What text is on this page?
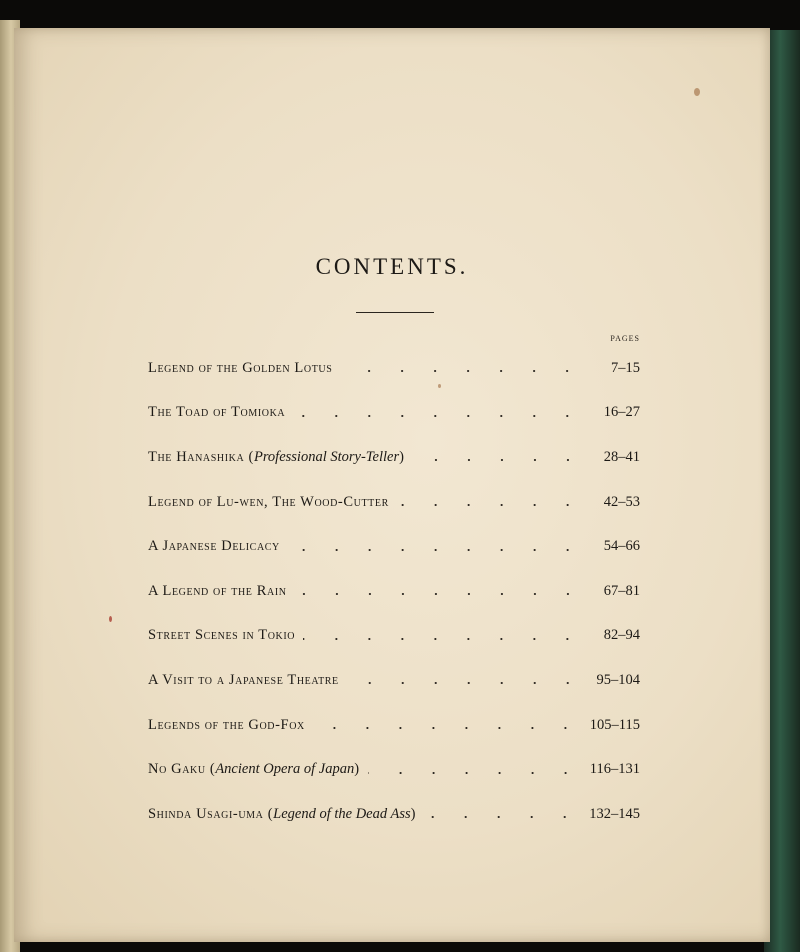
CONTENTS.
PAGES
Legend of the Golden Lotus	7–15
The Toad of Tomioka	16–27
The Hanashika (Professional Story-Teller)	28–41
Legend of Lu-wen, The Wood-Cutter	42–53
A Japanese Delicacy	54–66
A Legend of the Rain	67–81
Street Scenes in Tokio	82–94
A Visit to a Japanese Theatre	95–104
Legends of the God-Fox	105–115
No Gaku (Ancient Opera of Japan)	116–131
Shinda Usagi-uma (Legend of the Dead Ass)	132–145
